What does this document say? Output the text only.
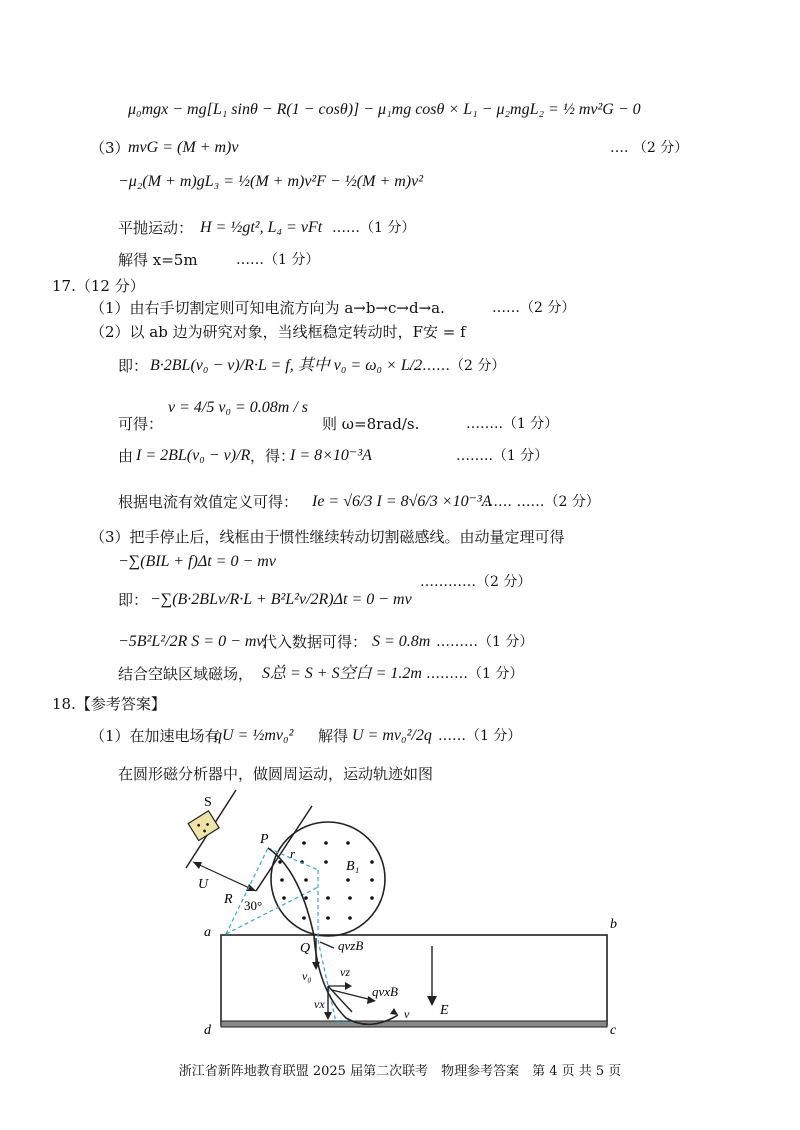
μ₀mgx − mg[L₁ sinθ − R(1 − cosθ)] − μ₁mg cosθ × L₁ − μ₂mgL₂ = ½ mv²G − 0
（3）
mvG = (M + m)v	…. （2 分）
−μ₂(M + m)gL₃ = ½(M + m)v²F − ½(M + m)v²
平抛运动： H = ½gt², L₄ = vFt ……（1 分）
解得 x=5m	……（1 分）
17.（12 分）
（1）由右手切割定则可知电流方向为 a→b→c→d→a.	……（2 分）
（2）以 ab 边为研究对象，当线框稳定转动时，F安 = f
即： B·2BL(v₀ − v)/R·L = f, 其中 v₀ = ω₀ × L/2
………（2 分）
可得：
v = 4/5 v₀ = 0.08m / s
则 ω=8rad/s.	……..（1 分）
由 I = 2BL(v₀ − v)/R ，得：
I = 8×10⁻³A	……..（1 分）
根据电流有效值定义可得： Ie = √6/3 I = 8√6/3 ×10⁻³A
…… ……（2 分）
（3）把手停止后，线框由于惯性继续转动切割磁感线。由动量定理可得
−∑(BIL + f)Δt = 0 − mv
即： −∑(B·2BLv/R·L + B²L²v/2R)Δt = 0 − mv
…………（2 分）
−5B²L²/2R S = 0 − mv,
代入数据可得： S = 0.8m ………（1 分）
结合空缺区域磁场， S总 = S + S空白 = 1.2m ………（1 分）
18.【参考答案】
（1）在加速电场有
qU = ½mv₀² 解得 U = mv₀²/2q ……（1 分）
在圆形磁分析器中，做圆周运动，运动轨迹如图
S
P
r
B₁
U
R 30°
a
b
c
d
Q qvzB
v₀ vz
qvxB
vx
v E
浙江省新阵地教育联盟 2025 届第二次联考　物理参考答案　第 4 页 共 5 页
